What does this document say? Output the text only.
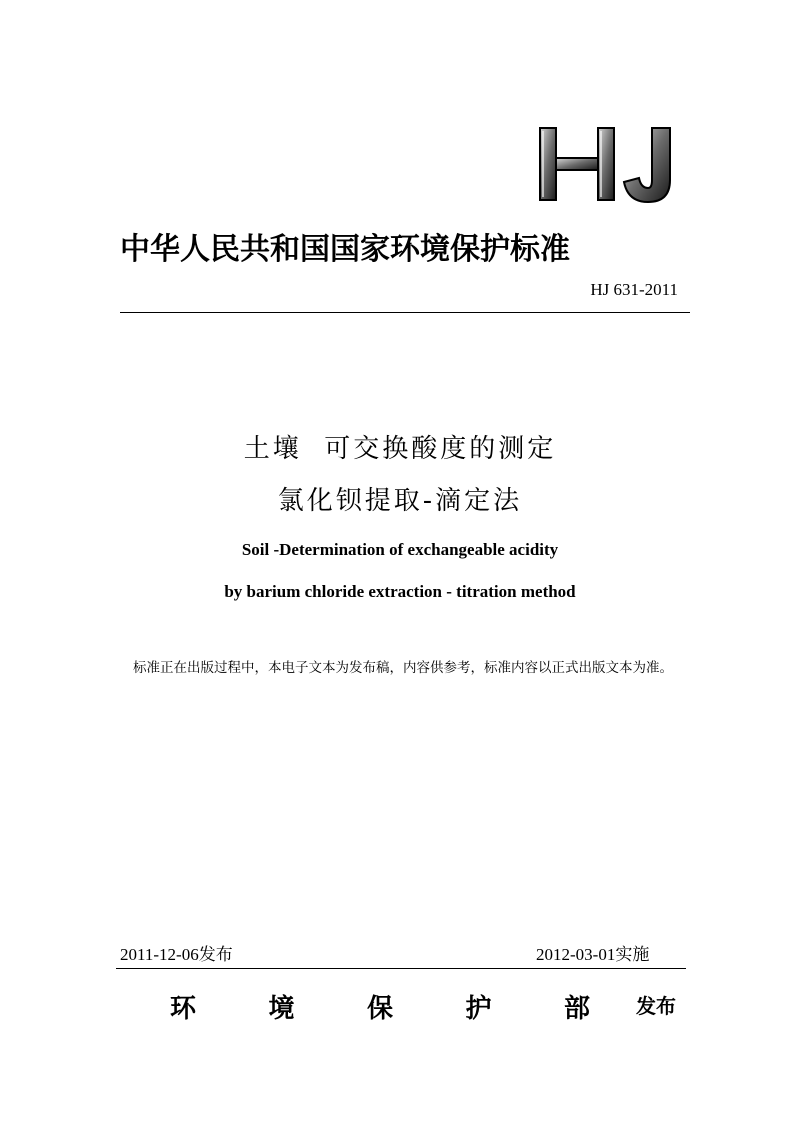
中华人民共和国国家环境保护标准
HJ 631-2011
土壤  可交换酸度的测定
氯化钡提取-滴定法
Soil -Determination of exchangeable acidity
by barium chloride extraction - titration method
标准正在出版过程中，本电子文本为发布稿，内容供参考，标准内容以正式出版文本为准。
2011-12-06发布	2012-03-01实施
环	境	保	护	部 发布
